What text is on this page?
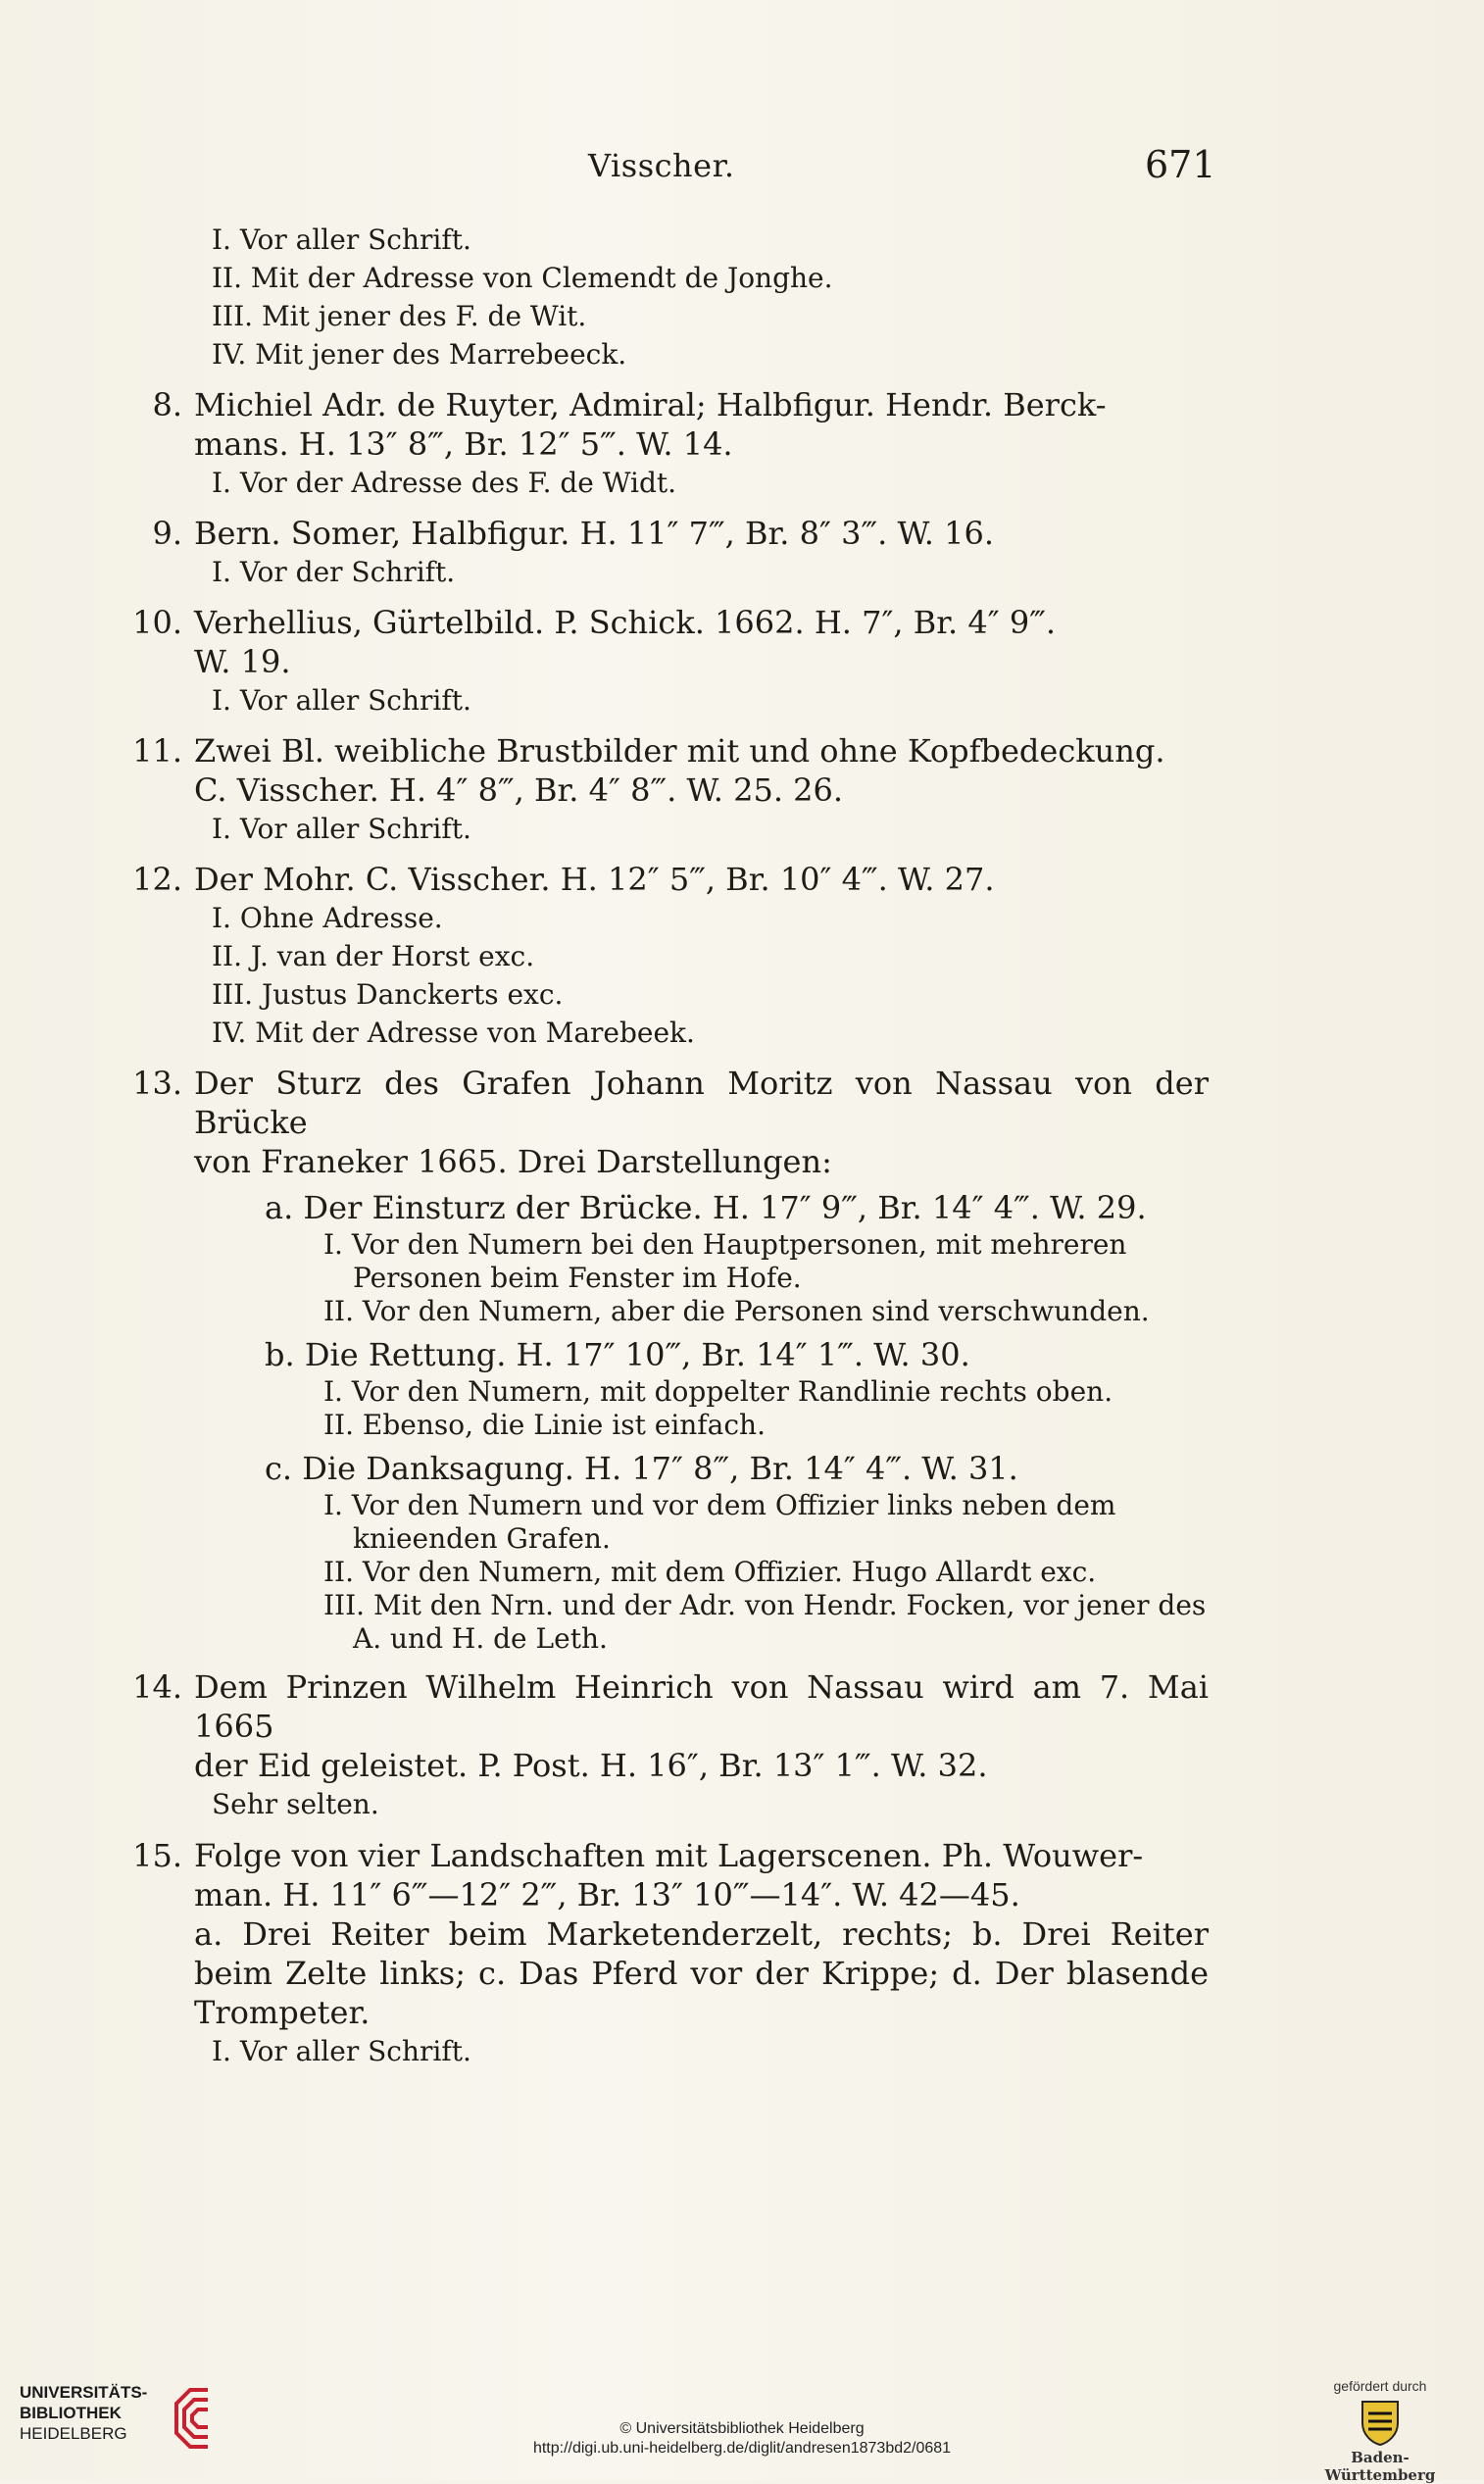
Visscher.	671
I. Vor aller Schrift.
II. Mit der Adresse von Clemendt de Jonghe.
III. Mit jener des F. de Wit.
IV. Mit jener des Marrebeeck.
8. Michiel Adr. de Ruyter, Admiral; Halbfigur. Hendr. Berck-
mans. H. 13″ 8‴, Br. 12″ 5‴. W. 14.
I. Vor der Adresse des F. de Widt.
9. Bern. Somer, Halbfigur. H. 11″ 7‴, Br. 8″ 3‴. W. 16.
I. Vor der Schrift.
10. Verhellius, Gürtelbild. P. Schick. 1662. H. 7″, Br. 4″ 9‴.
W. 19.
I. Vor aller Schrift.
11. Zwei Bl. weibliche Brustbilder mit und ohne Kopfbedeckung.
C. Visscher. H. 4″ 8‴, Br. 4″ 8‴. W. 25. 26.
I. Vor aller Schrift.
12. Der Mohr. C. Visscher. H. 12″ 5‴, Br. 10″ 4‴. W. 27.
I. Ohne Adresse.
II. J. van der Horst exc.
III. Justus Danckerts exc.
IV. Mit der Adresse von Marebeek.
13. Der Sturz des Grafen Johann Moritz von Nassau von der Brücke
von Franeker 1665. Drei Darstellungen:
a. Der Einsturz der Brücke. H. 17″ 9‴, Br. 14″ 4‴. W. 29.
I. Vor den Numern bei den Hauptpersonen, mit mehreren Personen beim Fenster im Hofe.
II. Vor den Numern, aber die Personen sind verschwunden.
b. Die Rettung. H. 17″ 10‴, Br. 14″ 1‴. W. 30.
I. Vor den Numern, mit doppelter Randlinie rechts oben.
II. Ebenso, die Linie ist einfach.
c. Die Danksagung. H. 17″ 8‴, Br. 14″ 4‴. W. 31.
I. Vor den Numern und vor dem Offizier links neben dem knieenden Grafen.
II. Vor den Numern, mit dem Offizier. Hugo Allardt exc.
III. Mit den Nrn. und der Adr. von Hendr. Focken, vor jener des A. und H. de Leth.
14. Dem Prinzen Wilhelm Heinrich von Nassau wird am 7. Mai 1665
der Eid geleistet. P. Post. H. 16″, Br. 13″ 1‴. W. 32.
Sehr selten.
15. Folge von vier Landschaften mit Lagerscenen. Ph. Wouwer-
man. H. 11″ 6‴—12″ 2‴, Br. 13″ 10‴—14″. W. 42—45.
a. Drei Reiter beim Marketenderzelt, rechts; b. Drei Reiter beim Zelte links; c. Das Pferd vor der Krippe; d. Der blasende Trompeter.
I. Vor aller Schrift.
UNIVERSITÄTS-
BIBLIOTHEK
HEIDELBERG	© Universitätsbibliothek Heidelberg
http://digi.ub.uni-heidelberg.de/diglit/andresen1873bd2/0681
gefördert durch
Baden-Württemberg
